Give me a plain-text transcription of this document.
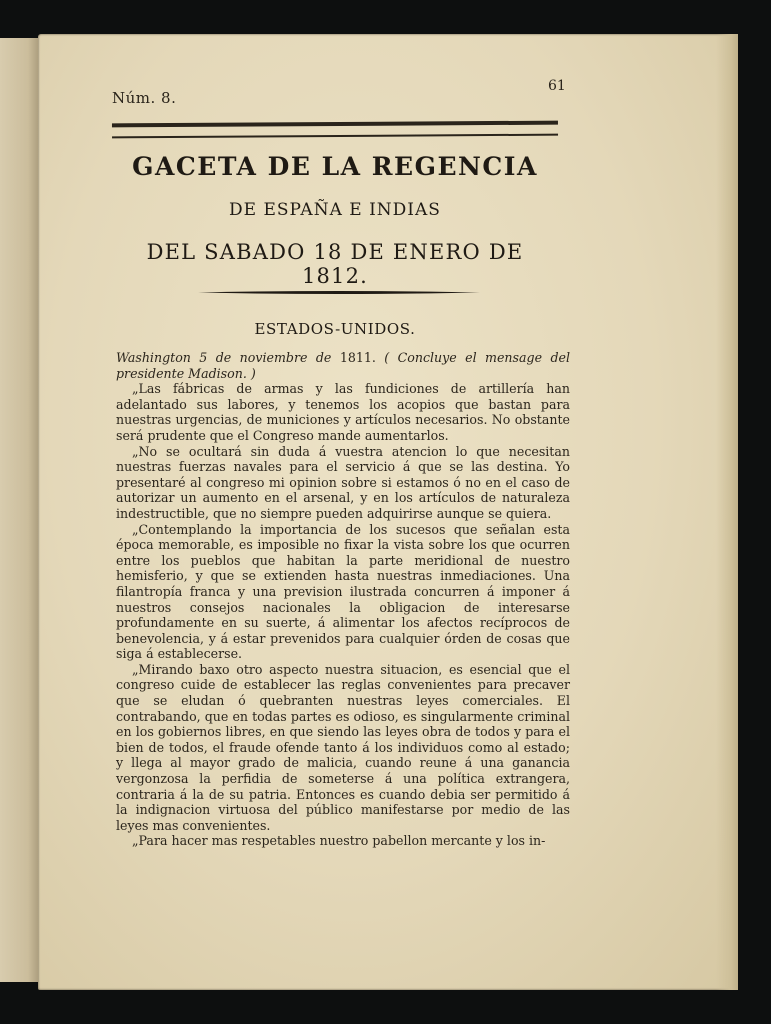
Núm. 8.
61
GACETA DE LA REGENCIA
DE ESPAÑA E INDIAS
DEL SABADO 18 DE ENERO DE 1812.
ESTADOS-UNIDOS.

Washington 5 de noviembre de 1811. ( Concluye el mensage del presidente Madison. )

„Las fábricas de armas y las fundiciones de artillería han adelantado sus labores, y tenemos los acopios que bastan para nuestras urgencias, de municiones y artículos necesarios. No obstante será prudente que el Congreso mande aumentarlos.

„No se ocultará sin duda á vuestra atencion lo que necesitan nuestras fuerzas navales para el servicio á que se las destina. Yo presentaré al congreso mi opinion sobre si estamos ó no en el caso de autorizar un aumento en el arsenal, y en los artículos de naturaleza indestructible, que no siempre pueden adquirirse aunque se quiera.

„Contemplando la importancia de los sucesos que señalan esta época memorable, es imposible no fixar la vista sobre los que ocurren entre los pueblos que habitan la parte meridional de nuestro hemisferio, y que se extienden hasta nuestras inmediaciones. Una filantropía franca y una prevision ilustrada concurren á imponer á nuestros consejos nacionales la obligacion de interesarse profundamente en su suerte, á alimentar los afectos recíprocos de benevolencia, y á estar prevenidos para cualquier órden de cosas que siga á establecerse.

„Mirando baxo otro aspecto nuestra situacion, es esencial que el congreso cuide de establecer las reglas convenientes para precaver que se eludan ó quebranten nuestras leyes comerciales. El contrabando, que en todas partes es odioso, es singularmente criminal en los gobiernos libres, en que siendo las leyes obra de todos y para el bien de todos, el fraude ofende tanto á los individuos como al estado; y llega al mayor grado de malicia, cuando reune á una ganancia vergonzosa la perfidia de someterse á una política extrangera, contraria á la de su patria. Entonces es cuando debia ser permitido á la indignacion virtuosa del público manifestarse por medio de las leyes mas convenientes.

„Para hacer mas respetables nuestro pabellon mercante y los in-
